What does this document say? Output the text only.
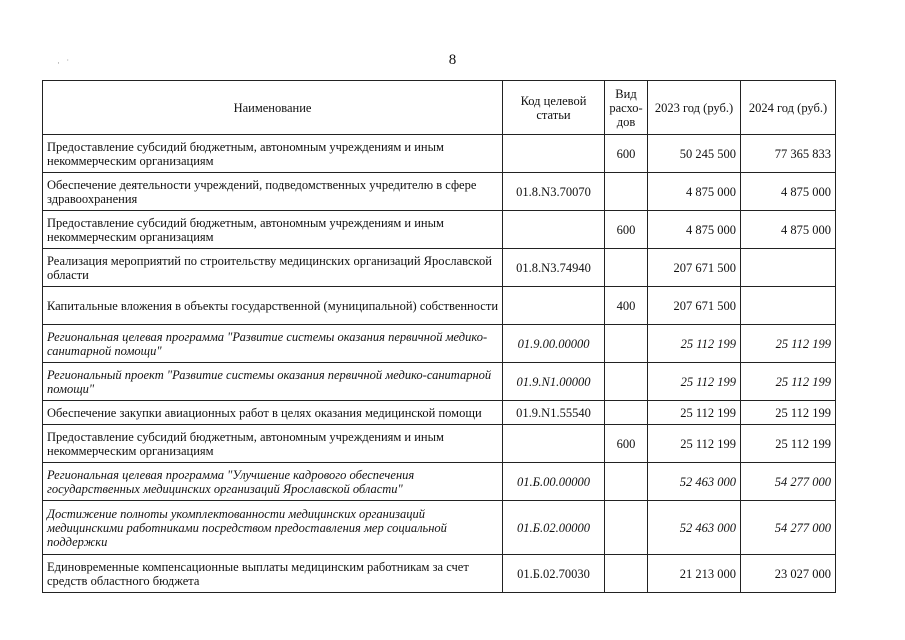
· ˙	8
Наименование	Код целевой статьи	Вид расхо-дов	2023 год (руб.)	2024 год (руб.)
Предоставление субсидий бюджетным, автономным учреждениям и иным некоммерческим организациям		600	50 245 500	77 365 833
Обеспечение деятельности учреждений, подведомственных учредителю в сфере здравоохранения	01.8.N3.70070		4 875 000	4 875 000
Предоставление субсидий бюджетным, автономным учреждениям и иным некоммерческим организациям		600	4 875 000	4 875 000
Реализация мероприятий по строительству медицинских организаций Ярославской области	01.8.N3.74940		207 671 500	
Капитальные вложения в объекты государственной (муниципальной) собственности		400	207 671 500	
Региональная целевая программа "Развитие системы оказания первичной медико-санитарной помощи"	01.9.00.00000		25 112 199	25 112 199
Региональный проект "Развитие системы оказания первичной медико-санитарной помощи"	01.9.N1.00000		25 112 199	25 112 199
Обеспечение закупки авиационных работ в целях оказания медицинской помощи	01.9.N1.55540		25 112 199	25 112 199
Предоставление субсидий бюджетным, автономным учреждениям и иным некоммерческим организациям		600	25 112 199	25 112 199
Региональная целевая программа "Улучшение кадрового обеспечения государственных медицинских организаций Ярославской области"	01.Б.00.00000		52 463 000	54 277 000
Достижение полноты укомплектованности медицинских организаций медицинскими работниками посредством предоставления мер социальной поддержки	01.Б.02.00000		52 463 000	54 277 000
Единовременные компенсационные выплаты медицинским работникам за счет средств областного бюджета	01.Б.02.70030		21 213 000	23 027 000
